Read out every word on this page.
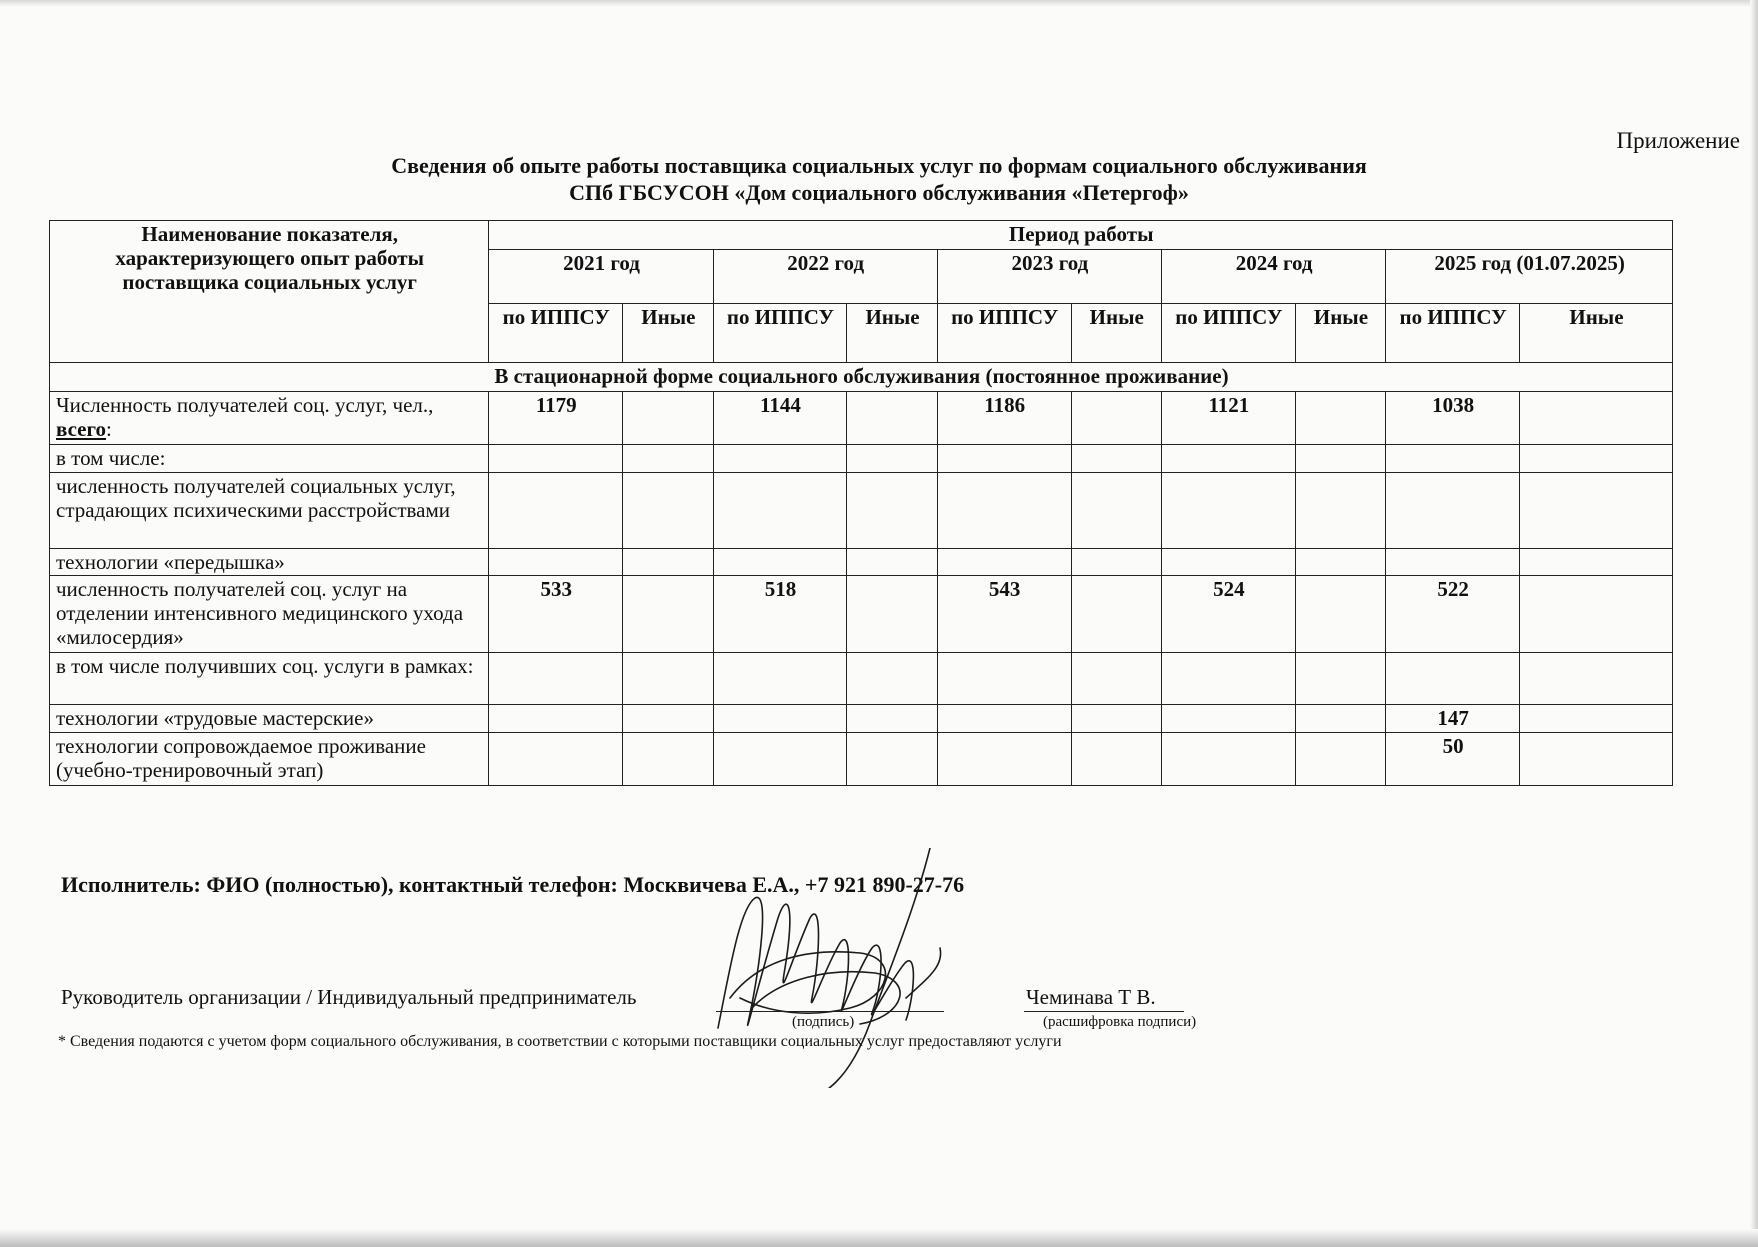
Приложение
Сведения об опыте работы поставщика социальных услуг по формам социального обслуживания
СПб ГБСУСОН «Дом социального обслуживания «Петергоф»
Наименование показателя, характеризующего опыт работы поставщика социальных услуг	Период работы									
	2021 год		2022 год		2023 год		2024 год		2025 год (01.07.2025)	
	по ИППСУ	Иные	по ИППСУ	Иные	по ИППСУ	Иные	по ИППСУ	Иные	по ИППСУ	Иные
В стационарной форме социального обслуживания (постоянное проживание)										
Численность получателей соц. услуг, чел., всего:	1179		1144		1186		1121		1038	
в том числе:										
численность получателей социальных услуг, страдающих психическими расстройствами										
технологии «передышка»										
численность получателей соц. услуг на отделении интенсивного медицинского ухода «милосердия»	533		518		543		524		522	
в том числе получивших соц. услуги в рамках:										
технологии «трудовые мастерские»									147	
технологии сопровождаемое проживание (учебно-тренировочный этап)									50	
Исполнитель: ФИО (полностью), контактный телефон: Москвичева Е.А., +7 921 890-27-76
Руководитель организации / Индивидуальный предприниматель
(подпись)
Чеминава Т В.
(расшифровка подписи)
* Сведения подаются с учетом форм социального обслуживания, в соответствии с которыми поставщики социальных услуг предоставляют услуги
